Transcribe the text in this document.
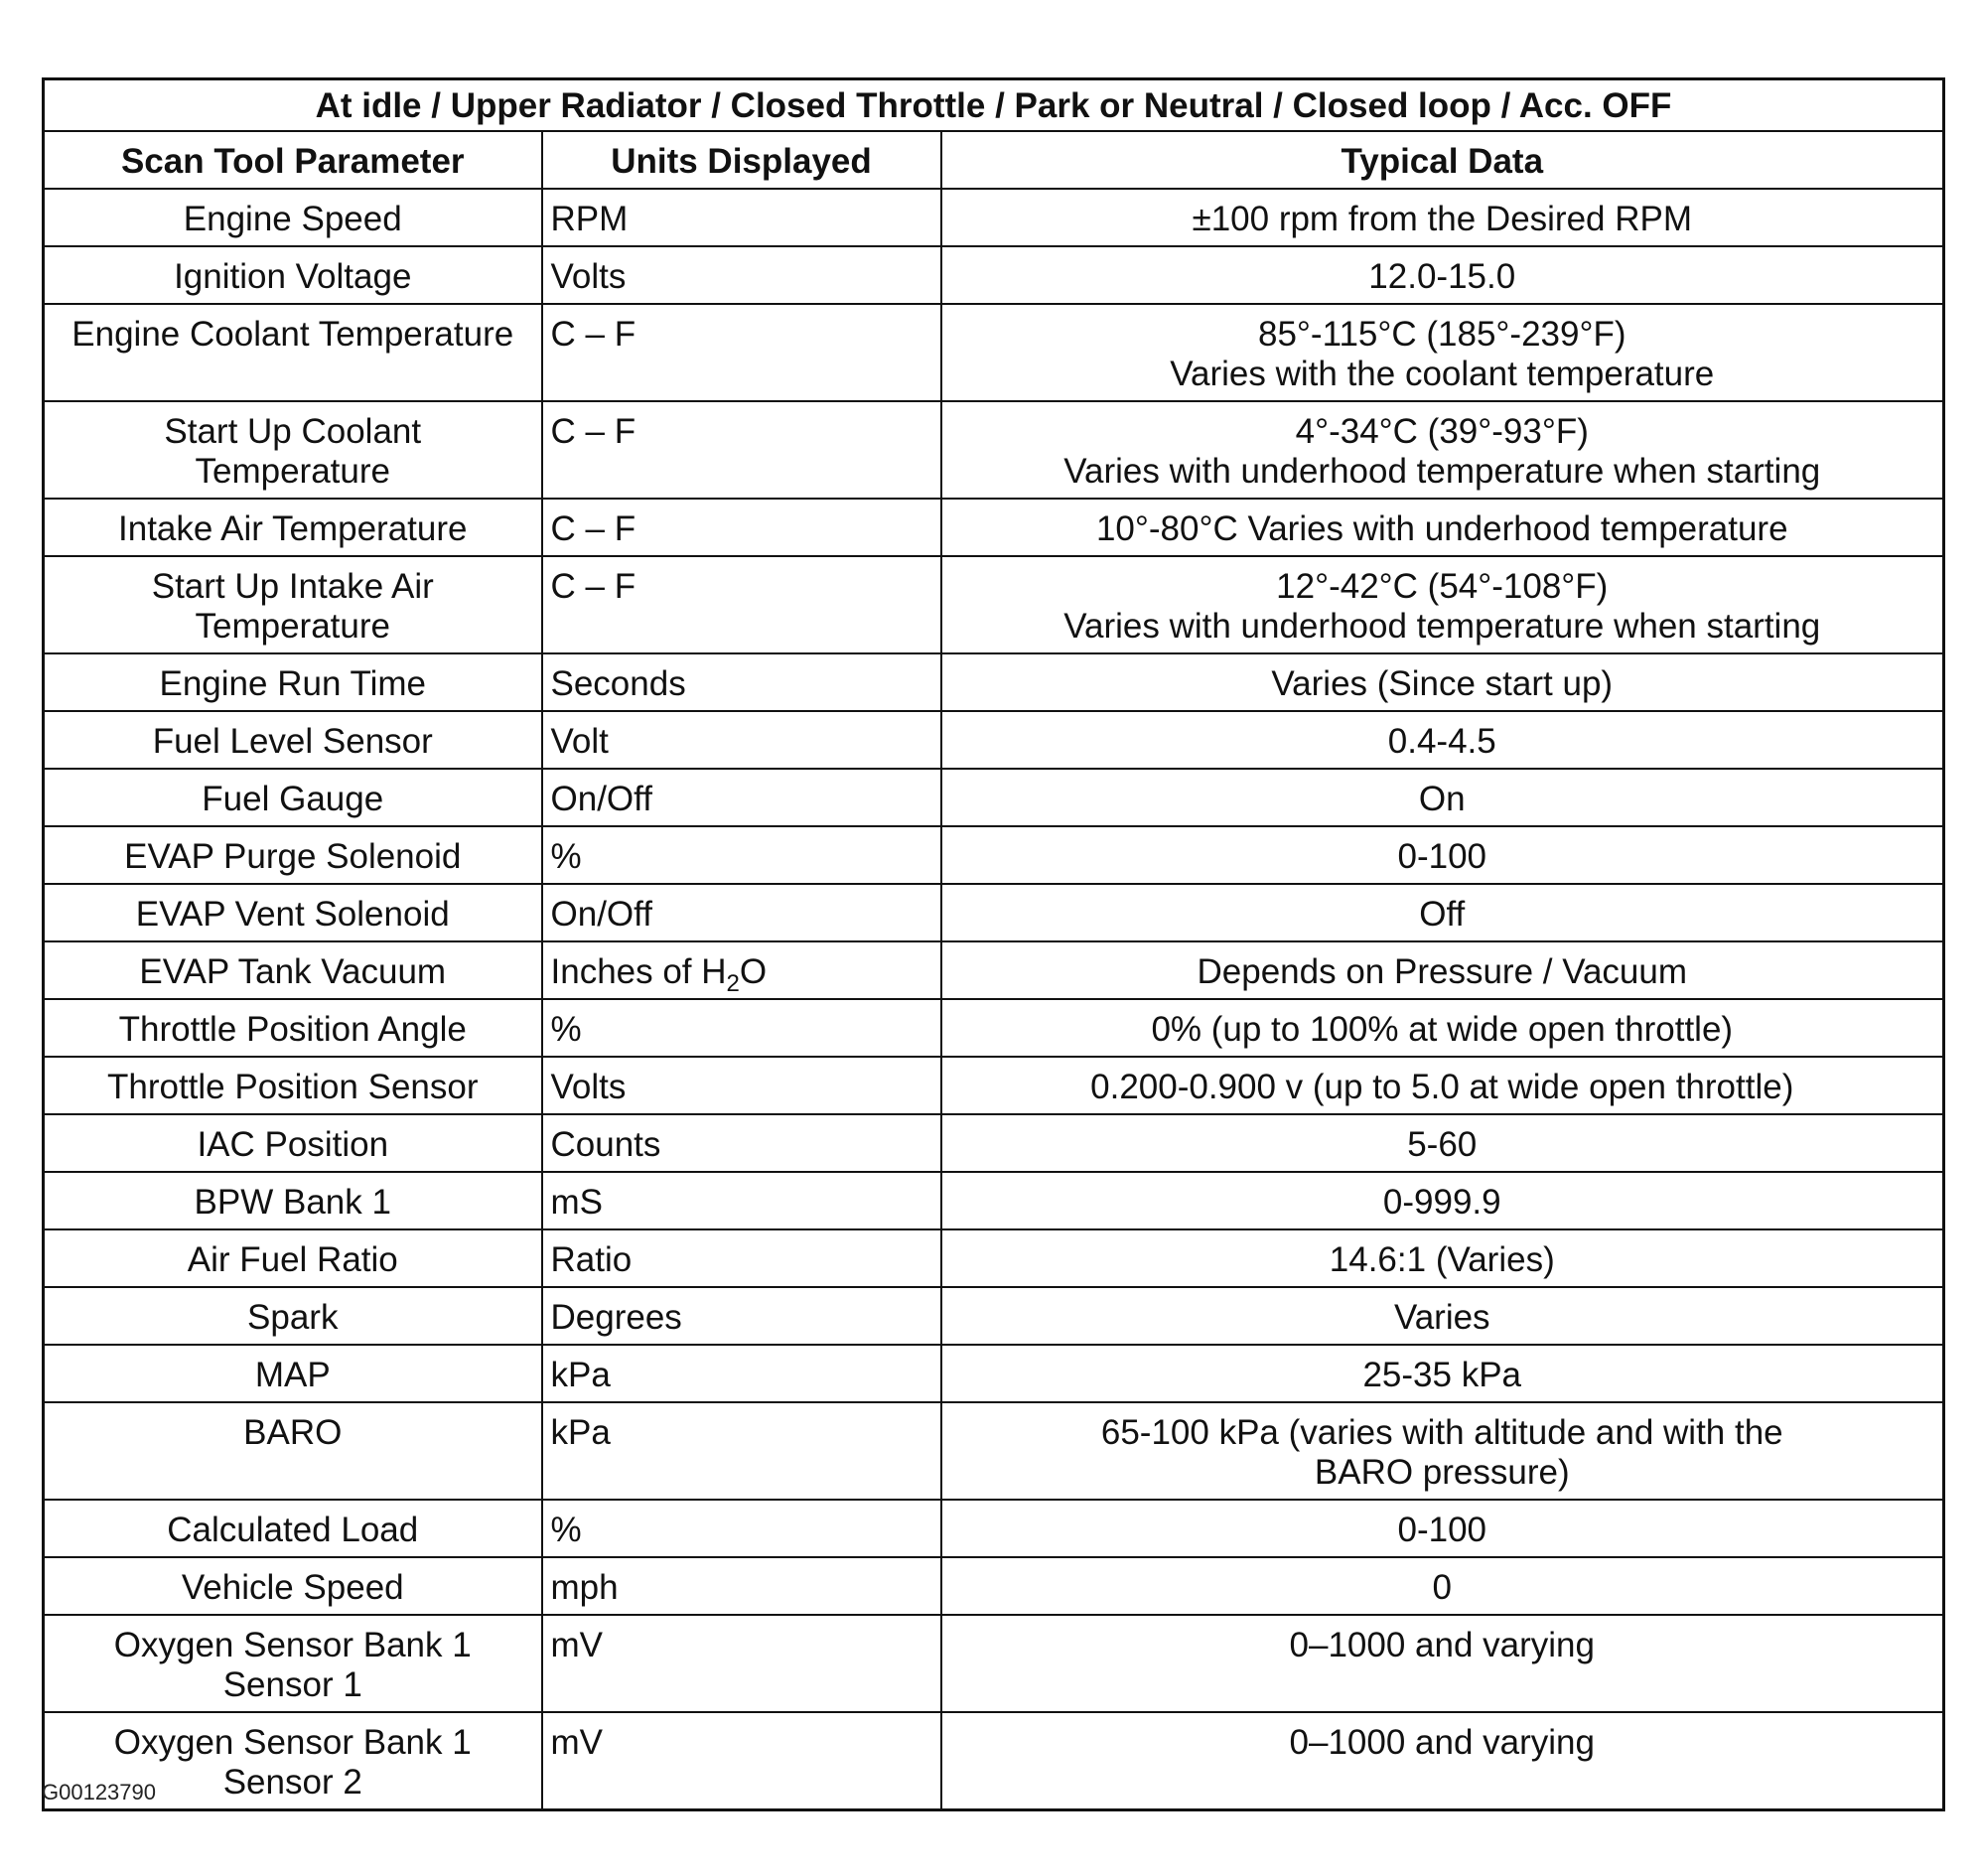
At idle / Upper Radiator / Closed Throttle / Park or Neutral / Closed loop / Acc. OFF		
Scan Tool Parameter	Units Displayed	Typical Data

Engine Speed	RPM	±100 rpm from the Desired RPM

Ignition Voltage	Volts	12.0-15.0

Engine Coolant Temperature	C – F	85°-115°C (185°-239°F)
Varies with the coolant temperature

Start Up Coolant
Temperature	C – F	4°-34°C (39°-93°F)
Varies with underhood temperature when starting

Intake Air Temperature	C – F	10°-80°C Varies with underhood temperature

Start Up Intake Air
Temperature	C – F	12°-42°C (54°-108°F)
Varies with underhood temperature when starting

Engine Run Time	Seconds	Varies (Since start up)

Fuel Level Sensor	Volt	0.4-4.5

Fuel Gauge	On/Off	On

EVAP Purge Solenoid	%	0-100

EVAP Vent Solenoid	On/Off	Off

EVAP Tank Vacuum	Inches of $H_2O$	Depends on Pressure / Vacuum

Throttle Position Angle	%	0% (up to 100% at wide open throttle)

Throttle Position Sensor	Volts	0.200-0.900 v (up to 5.0 at wide open throttle)

IAC Position	Counts	5-60

BPW Bank 1	mS	0-999.9

Air Fuel Ratio	Ratio	14.6:1 (Varies)

Spark	Degrees	Varies

MAP	kPa	25-35 kPa

BARO	kPa	65-100 kPa (varies with altitude and with the
BARO pressure)

Calculated Load	%	0-100

Vehicle Speed	mph	0

Oxygen Sensor Bank 1
Sensor 1	mV	0–1000 and varying

Oxygen Sensor Bank 1
Sensor 2	mV	0–1000 and varying
G00123790
